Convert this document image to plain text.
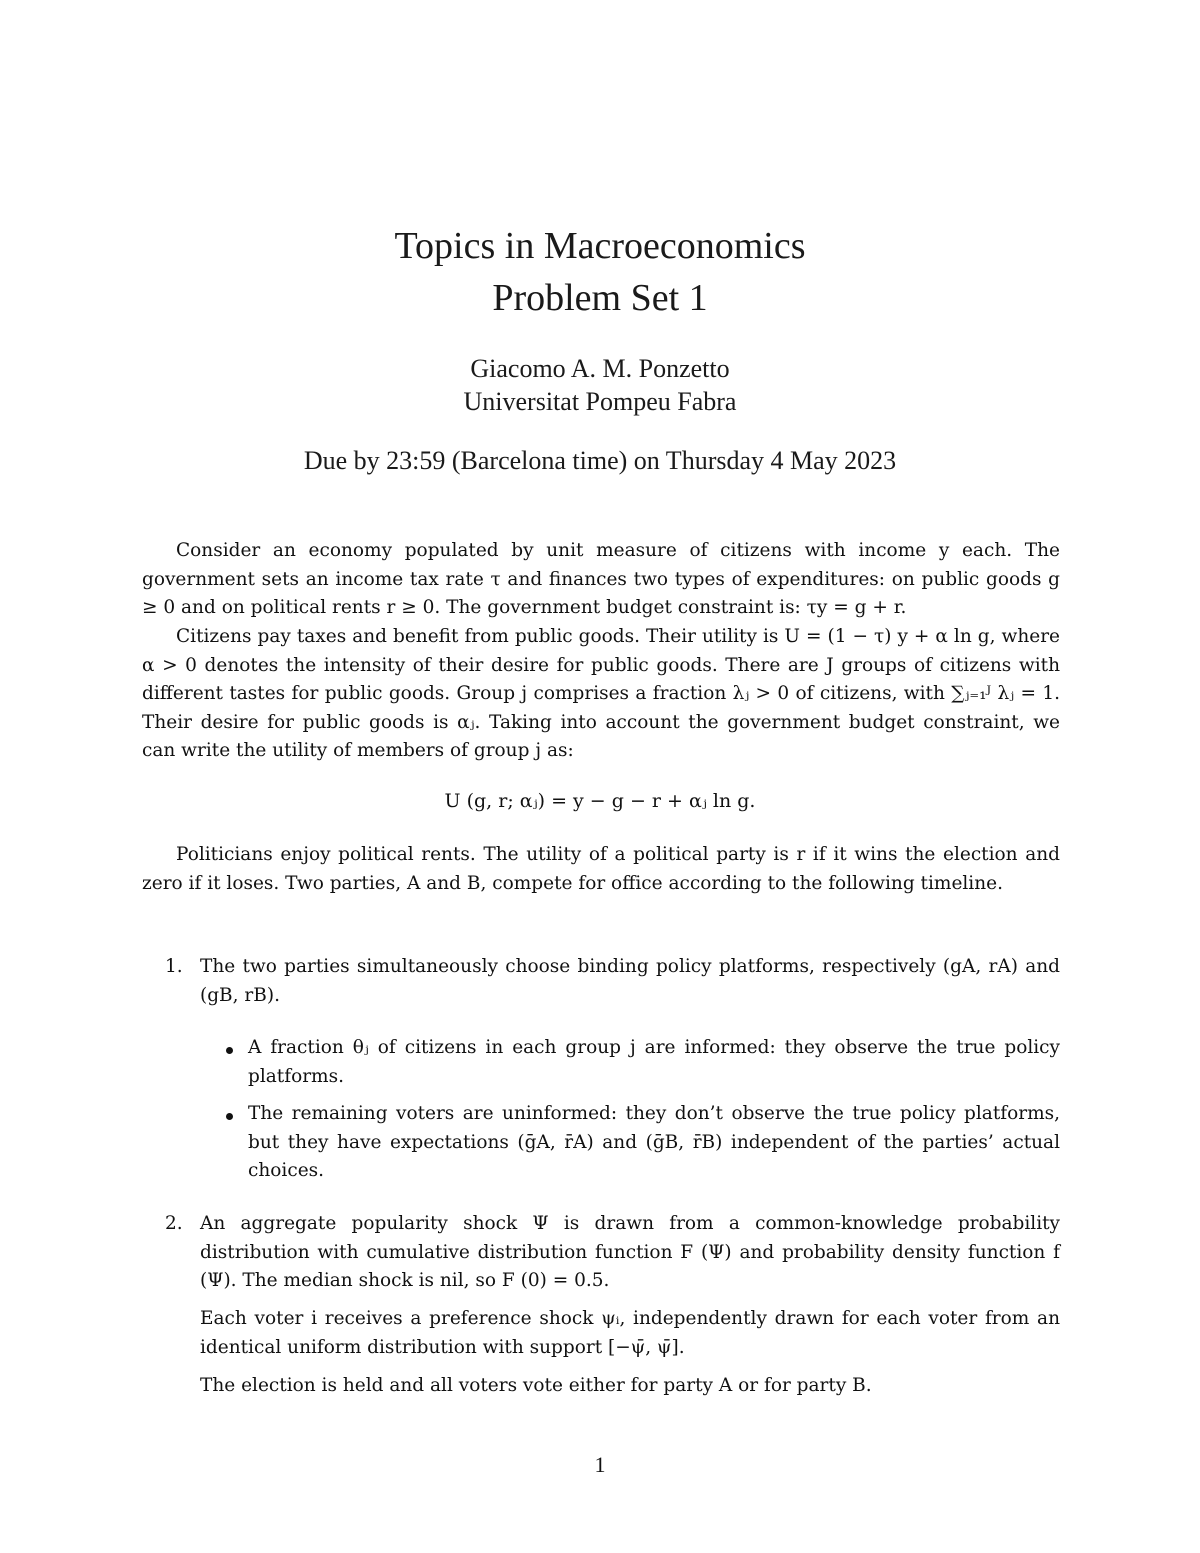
Topics in Macroeconomics
Problem Set 1
Giacomo A. M. Ponzetto
Universitat Pompeu Fabra
Due by 23:59 (Barcelona time) on Thursday 4 May 2023
Consider an economy populated by unit measure of citizens with income y each. The government sets an income tax rate τ and finances two types of expenditures: on public goods g ≥ 0 and on political rents r ≥ 0. The government budget constraint is: τy = g + r.
Citizens pay taxes and benefit from public goods. Their utility is U = (1 − τ) y + α ln g, where α > 0 denotes the intensity of their desire for public goods. There are J groups of citizens with different tastes for public goods. Group j comprises a fraction λⱼ > 0 of citizens, with ∑ⱼ₌₁ᴶ λⱼ = 1. Their desire for public goods is αⱼ. Taking into account the government budget constraint, we can write the utility of members of group j as:
U (g, r; αⱼ) = y − g − r + αⱼ ln g.
Politicians enjoy political rents. The utility of a political party is r if it wins the election and zero if it loses. Two parties, A and B, compete for office according to the following timeline.
1. The two parties simultaneously choose binding policy platforms, respectively (gA, rA) and (gB, rB).
A fraction θⱼ of citizens in each group j are informed: they observe the true policy platforms.
The remaining voters are uninformed: they don’t observe the true policy platforms, but they have expectations (ḡA, r̄A) and (ḡB, r̄B) independent of the parties’ actual choices.
2. An aggregate popularity shock Ψ is drawn from a common-knowledge probability distribution with cumulative distribution function F (Ψ) and probability density function f (Ψ). The median shock is nil, so F (0) = 0.5.
Each voter i receives a preference shock ψᵢ, independently drawn for each voter from an identical uniform distribution with support [−ψ̄, ψ̄].
The election is held and all voters vote either for party A or for party B.
1
